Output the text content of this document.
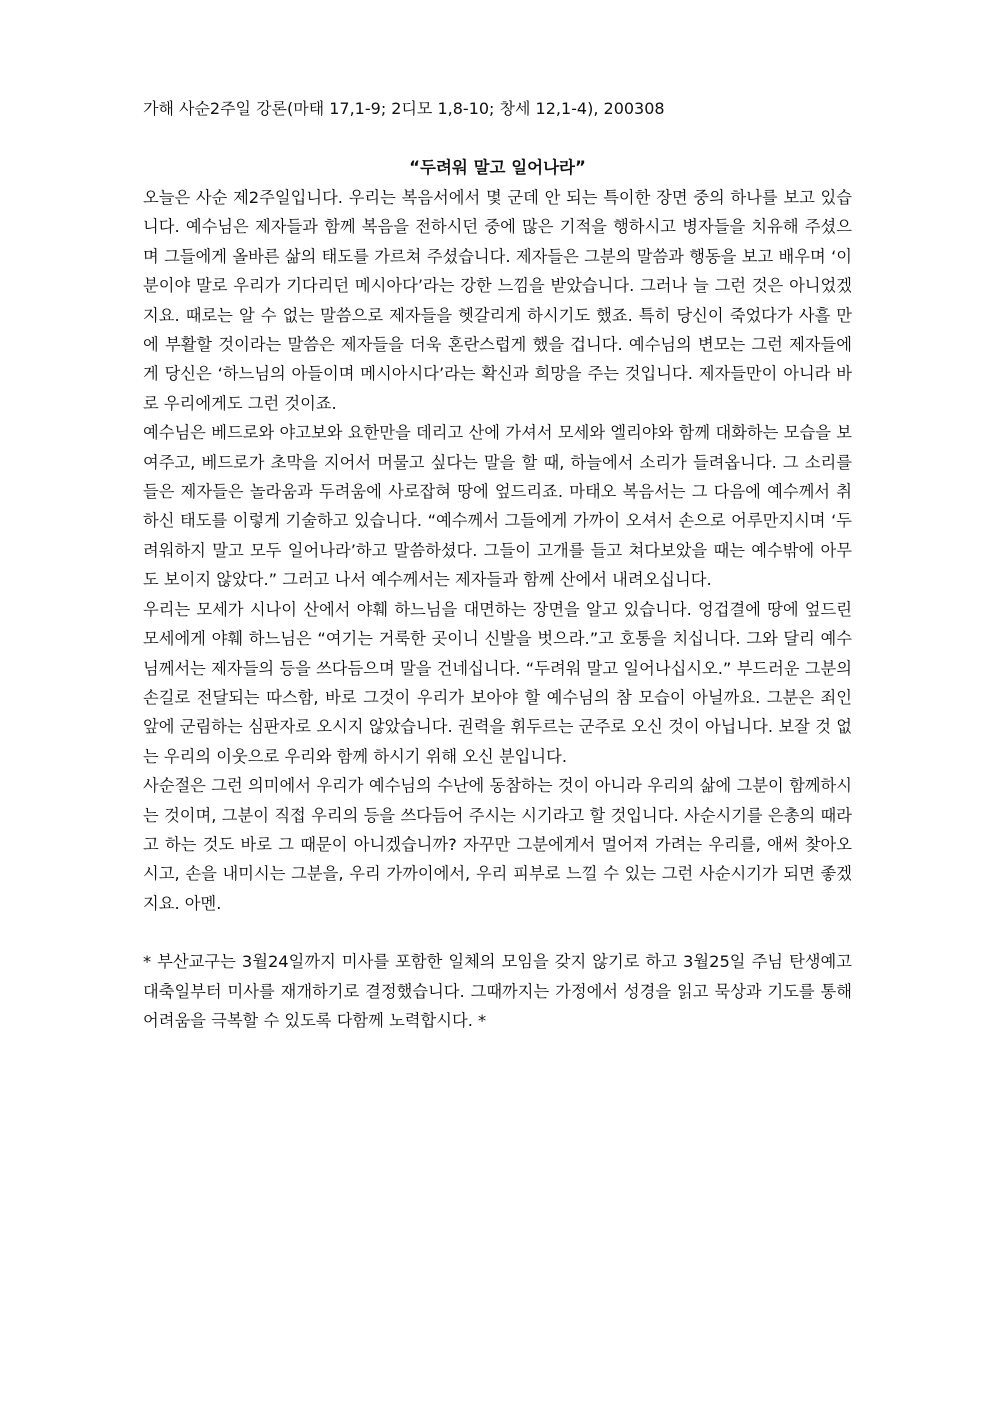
가해 사순2주일 강론(마태 17,1-9; 2디모 1,8-10; 창세 12,1-4), 200308
“두려워 말고 일어나라”

오늘은 사순 제2주일입니다. 우리는 복음서에서 몇 군데 안 되는 특이한 장면 중의 하나를 보고 있습니다. 예수님은 제자들과 함께 복음을 전하시던 중에 많은 기적을 행하시고 병자들을 치유해 주셨으며 그들에게 올바른 삶의 태도를 가르쳐 주셨습니다. 제자들은 그분의 말씀과 행동을 보고 배우며 ‘이분이야 말로 우리가 기다리던 메시아다’라는 강한 느낌을 받았습니다. 그러나 늘 그런 것은 아니었겠지요. 때로는 알 수 없는 말씀으로 제자들을 헷갈리게 하시기도 했죠. 특히 당신이 죽었다가 사흘 만에 부활할 것이라는 말씀은 제자들을 더욱 혼란스럽게 했을 겁니다. 예수님의 변모는 그런 제자들에게 당신은 ‘하느님의 아들이며 메시아시다’라는 확신과 희망을 주는 것입니다. 제자들만이 아니라 바로 우리에게도 그런 것이죠.

예수님은 베드로와 야고보와 요한만을 데리고 산에 가셔서 모세와 엘리야와 함께 대화하는 모습을 보여주고, 베드로가 초막을 지어서 머물고 싶다는 말을 할 때, 하늘에서 소리가 들려옵니다. 그 소리를 들은 제자들은 놀라움과 두려움에 사로잡혀 땅에 엎드리죠. 마태오 복음서는 그 다음에 예수께서 취하신 태도를 이렇게 기술하고 있습니다. “예수께서 그들에게 가까이 오셔서 손으로 어루만지시며 ‘두려워하지 말고 모두 일어나라’하고 말씀하셨다. 그들이 고개를 들고 쳐다보았을 때는 예수밖에 아무도 보이지 않았다.” 그러고 나서 예수께서는 제자들과 함께 산에서 내려오십니다.

우리는 모세가 시나이 산에서 야훼 하느님을 대면하는 장면을 알고 있습니다. 엉겁결에 땅에 엎드린 모세에게 야훼 하느님은 “여기는 거룩한 곳이니 신발을 벗으라.”고 호통을 치십니다. 그와 달리 예수님께서는 제자들의 등을 쓰다듬으며 말을 건네십니다. “두려워 말고 일어나십시오.” 부드러운 그분의 손길로 전달되는 따스함, 바로 그것이 우리가 보아야 할 예수님의 참 모습이 아닐까요. 그분은 죄인 앞에 군림하는 심판자로 오시지 않았습니다. 권력을 휘두르는 군주로 오신 것이 아닙니다. 보잘 것 없는 우리의 이웃으로 우리와 함께 하시기 위해 오신 분입니다.

사순절은 그런 의미에서 우리가 예수님의 수난에 동참하는 것이 아니라 우리의 삶에 그분이 함께하시는 것이며, 그분이 직접 우리의 등을 쓰다듬어 주시는 시기라고 할 것입니다. 사순시기를 은총의 때라고 하는 것도 바로 그 때문이 아니겠습니까? 자꾸만 그분에게서 멀어져 가려는 우리를, 애써 찾아오시고, 손을 내미시는 그분을, 우리 가까이에서, 우리 피부로 느낄 수 있는 그런 사순시기가 되면 좋겠지요. 아멘.

* 부산교구는 3월24일까지 미사를 포함한 일체의 모임을 갖지 않기로 하고 3월25일 주님 탄생예고 대축일부터 미사를 재개하기로 결정했습니다. 그때까지는 가정에서 성경을 읽고 묵상과 기도를 통해 어려움을 극복할 수 있도록 다함께 노력합시다. *
